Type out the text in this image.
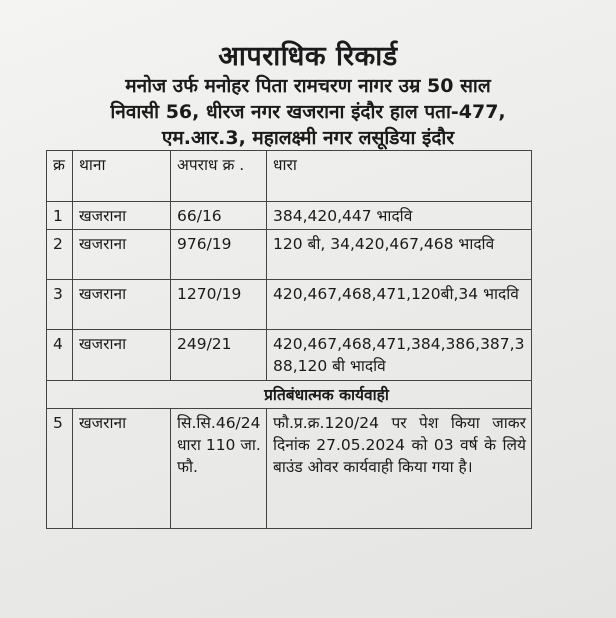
आपराधिक रिकार्ड
मनोज उर्फ मनोहर पिता रामचरण नागर उम्र 50 साल
निवासी 56, धीरज नगर खजराना इंदौर हाल पता-477,
एम.आर.3, महालक्ष्मी नगर लसूडिया इंदौर
क्र	थाना	अपराध क्र .	धारा
1	खजराना	66/16	384,420,447 भादवि
2	खजराना	976/19	120 बी, 34,420,467,468 भादवि
3	खजराना	1270/19	420,467,468,471,120बी,34 भादवि
4	खजराना	249/21	420,467,468,471,384,386,387,388,120 बी भादवि
प्रतिबंधात्मक कार्यवाही			
5	खजराना	सि.सि.46/24 धारा 110 जा.फौ.	फौ.प्र.क्र.120/24 पर पेश किया जाकर दिनांक 27.05.2024 को 03 वर्ष के लिये बाउंड ओवर कार्यवाही किया गया है।
